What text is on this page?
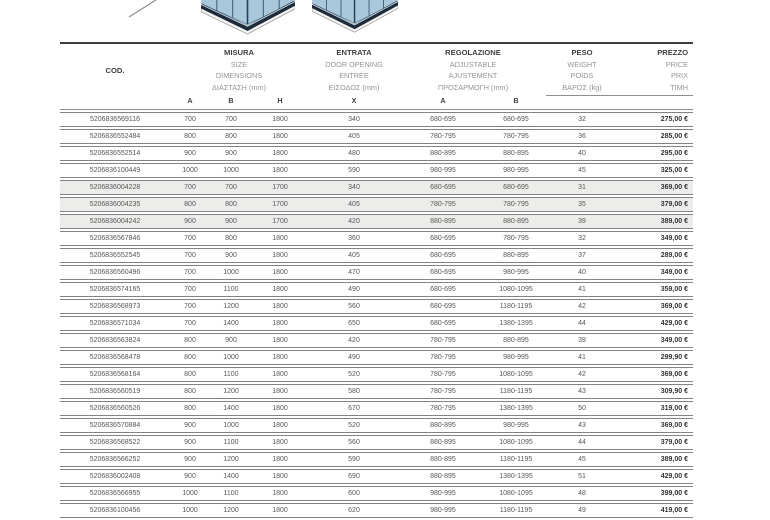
COD.
MISURA
SIZE
DIMENSIONS
ΔΙΑΣΤΑΣΗ (mm)
ENTRATA
DOOR OPENING
ENTRÉE
ΕΙΣΟΔΟΣ (mm)
REGOLAZIONE
ADJUSTABLE
AJUSTEMENT
ΠΡΟΣΑΡΜΟΓΗ (mm)
PESO
WEIGHT
POIDS
ΒΑΡΟΣ (kg)
PREZZO
PRICE
PRIX
ΤΙΜΗ
A	B	H	X	A	B
5206836569116	700	700	1800	340	680-695	680-695	32	275,00 €
5206836552484	800	800	1800	405	780-795	780-795	36	285,00 €
5206836552514	900	900	1800	480	880-895	880-895	40	295,00 €
5206836100449	1000	1000	1800	590	980-995	980-995	45	325,00 €
5206836004228	700	700	1700	340	680-695	680-695	31	369,00 €
5206836004235	800	800	1700	405	780-795	780-795	35	379,00 €
5206836004242	900	900	1700	420	880-895	880-895	39	389,00 €
5206836567846	700	800	1800	360	680-695	780-795	32	349,00 €
5206836552545	700	900	1800	405	680-695	880-895	37	289,00 €
5206836560496	700	1000	1800	470	680-695	980-995	40	349,00 €
5206836574165	700	1100	1800	490	680-695	1080-1095	41	359,00 €
5206836568973	700	1200	1800	560	680-695	1180-1195	42	369,00 €
5206836571034	700	1400	1800	650	680-695	1380-1395	44	429,00 €
5206836563824	800	900	1800	420	780-795	880-895	39	349,00 €
5206836568478	800	1000	1800	490	780-795	980-995	41	299,90 €
5206836568164	800	1100	1800	520	780-795	1080-1095	42	369,00 €
5206836560519	800	1200	1800	580	780-795	1180-1195	43	309,90 €
5206836560526	800	1400	1800	670	780-795	1380-1395	50	319,00 €
5206836570884	900	1000	1800	520	880-895	980-995	43	369,00 €
5206836568522	900	1100	1800	560	880-895	1080-1095	44	379,00 €
5206836566252	900	1200	1800	590	880-895	1180-1195	45	389,00 €
5206836002408	900	1400	1800	690	880-895	1380-1395	51	429,00 €
5206836566955	1000	1100	1800	600	980-995	1080-1095	48	399,00 €
5206836100456	1000	1200	1800	620	980-995	1180-1195	49	419,00 €
